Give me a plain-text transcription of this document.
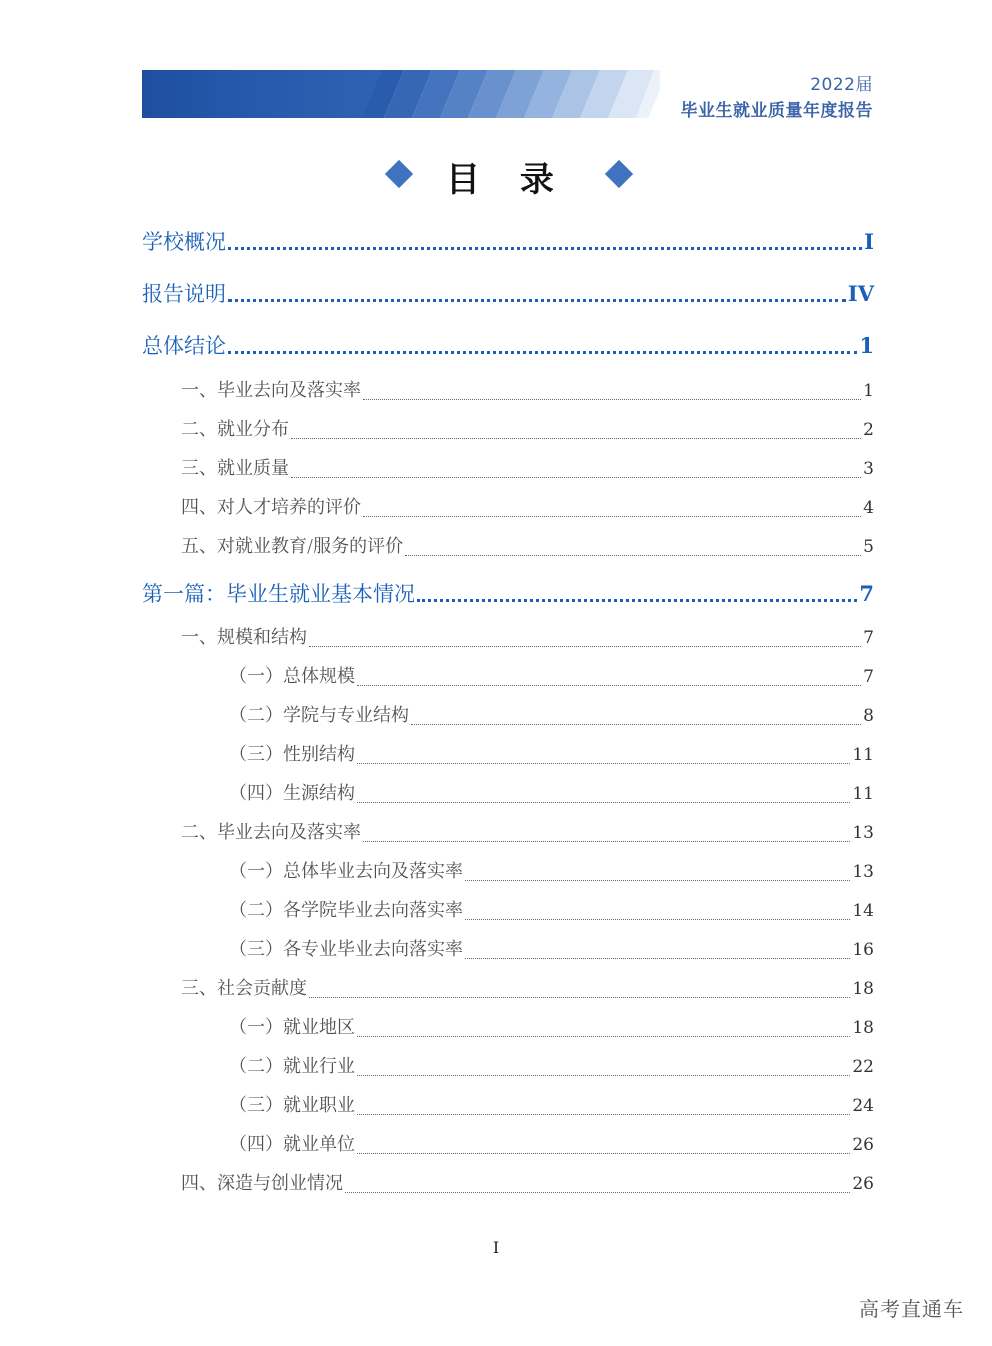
2022届
毕业生就业质量年度报告
目 录
学校概况	I
报告说明	IV
总体结论	1
一、毕业去向及落实率	1
二、就业分布	2
三、就业质量	3
四、对人才培养的评价	4
五、对就业教育/服务的评价	5
第一篇：毕业生就业基本情况	7
一、规模和结构	7
（一）总体规模	7
（二）学院与专业结构	8
（三）性别结构	11
（四）生源结构	11
二、毕业去向及落实率	13
（一）总体毕业去向及落实率	13
（二）各学院毕业去向落实率	14
（三）各专业毕业去向落实率	16
三、社会贡献度	18
（一）就业地区	18
（二）就业行业	22
（三）就业职业	24
（四）就业单位	26
四、深造与创业情况	26
I
高考直通车
